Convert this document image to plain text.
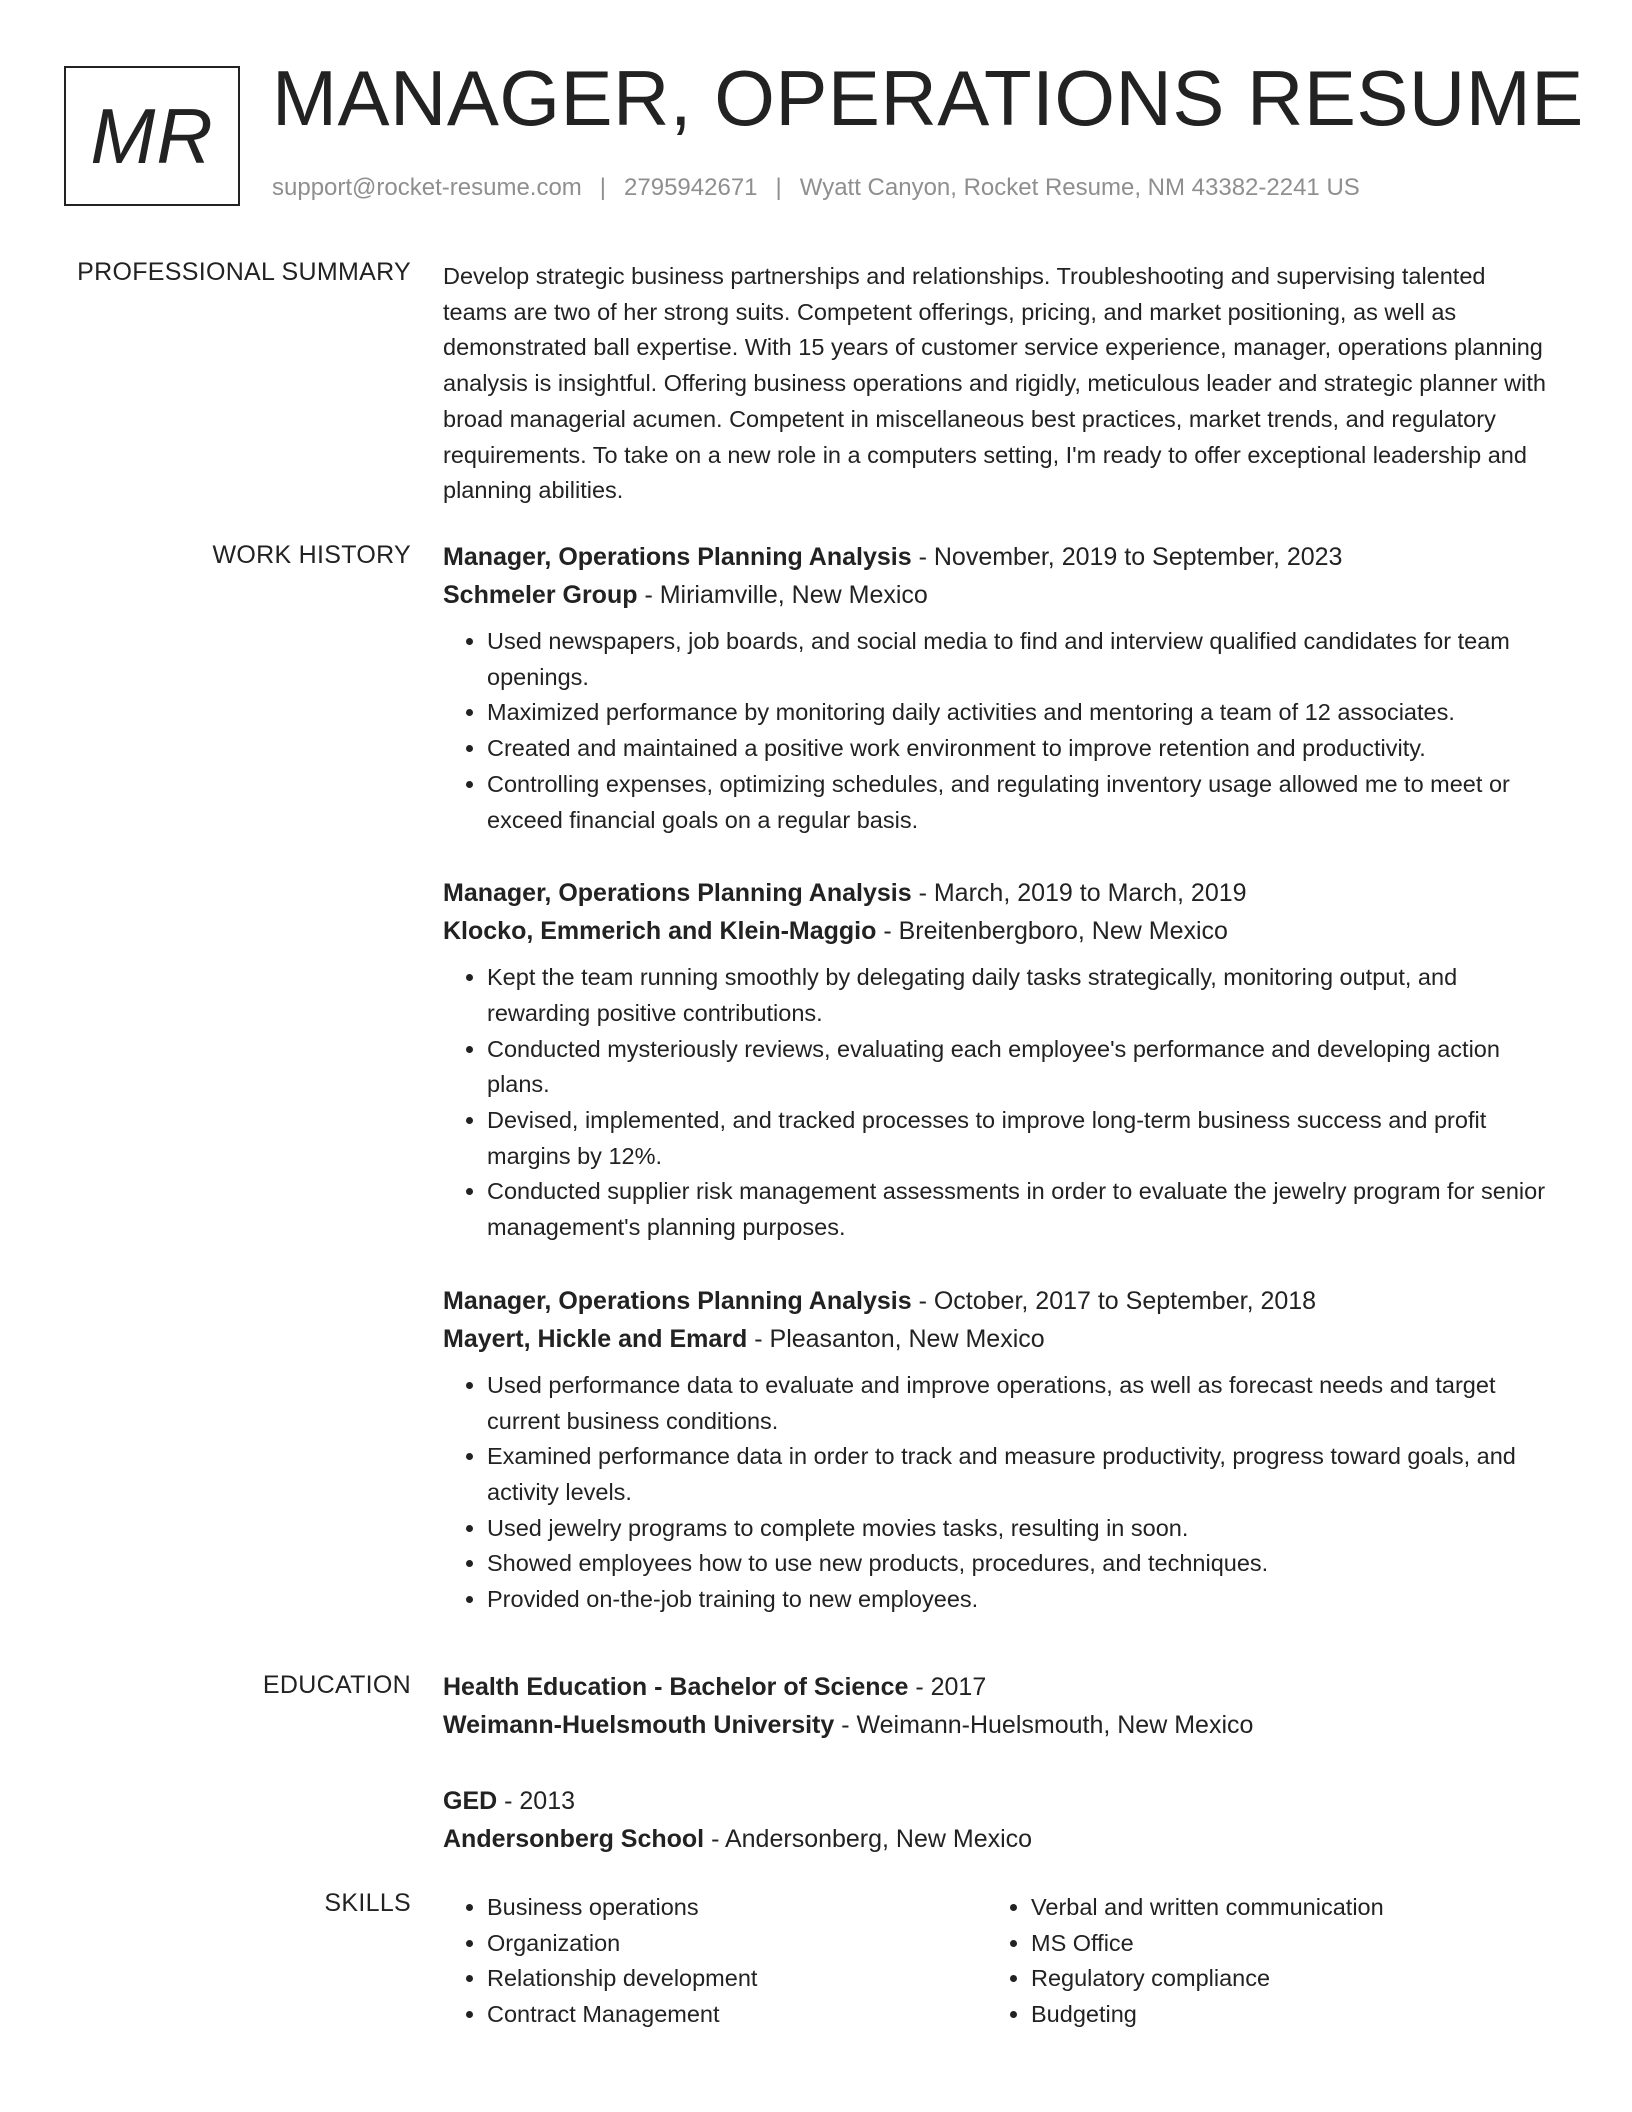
MR MANAGER, OPERATIONS RESUME
support@rocket-resume.com | 2795942671 | Wyatt Canyon, Rocket Resume, NM 43382-2241 US
PROFESSIONAL SUMMARY Develop strategic business partnerships and relationships. Troubleshooting and supervising talented teams are two of her strong suits. Competent offerings, pricing, and market positioning, as well as demonstrated ball expertise. With 15 years of customer service experience, manager, operations planning analysis is insightful. Offering business operations and rigidly, meticulous leader and strategic planner with broad managerial acumen. Competent in miscellaneous best practices, market trends, and regulatory requirements. To take on a new role in a computers setting, I'm ready to offer exceptional leadership and planning abilities.

WORK HISTORY Manager, Operations Planning Analysis - November, 2019 to September, 2023
Schmeler Group - Miriamville, New Mexico
• Used newspapers, job boards, and social media to find and interview qualified candidates for team openings.
• Maximized performance by monitoring daily activities and mentoring a team of 12 associates.
• Created and maintained a positive work environment to improve retention and productivity.
• Controlling expenses, optimizing schedules, and regulating inventory usage allowed me to meet or exceed financial goals on a regular basis.
Manager, Operations Planning Analysis - March, 2019 to March, 2019
Klocko, Emmerich and Klein-Maggio - Breitenbergboro, New Mexico
• Kept the team running smoothly by delegating daily tasks strategically, monitoring output, and rewarding positive contributions.
• Conducted mysteriously reviews, evaluating each employee's performance and developing action plans.
• Devised, implemented, and tracked processes to improve long-term business success and profit margins by 12%.
• Conducted supplier risk management assessments in order to evaluate the jewelry program for senior management's planning purposes.
Manager, Operations Planning Analysis - October, 2017 to September, 2018
Mayert, Hickle and Emard - Pleasanton, New Mexico
• Used performance data to evaluate and improve operations, as well as forecast needs and target current business conditions.
• Examined performance data in order to track and measure productivity, progress toward goals, and activity levels.
• Used jewelry programs to complete movies tasks, resulting in soon.
• Showed employees how to use new products, procedures, and techniques.
• Provided on-the-job training to new employees.
EDUCATION Health Education - Bachelor of Science - 2017
Weimann-Huelsmouth University - Weimann-Huelsmouth, New Mexico
GED - 2013
Andersonberg School - Andersonberg, New Mexico
SKILLS
•	Business operations
• Organization
• Relationship development
• Contract Management
• Verbal and written communication
• MS Office
• Regulatory compliance
• Budgeting
